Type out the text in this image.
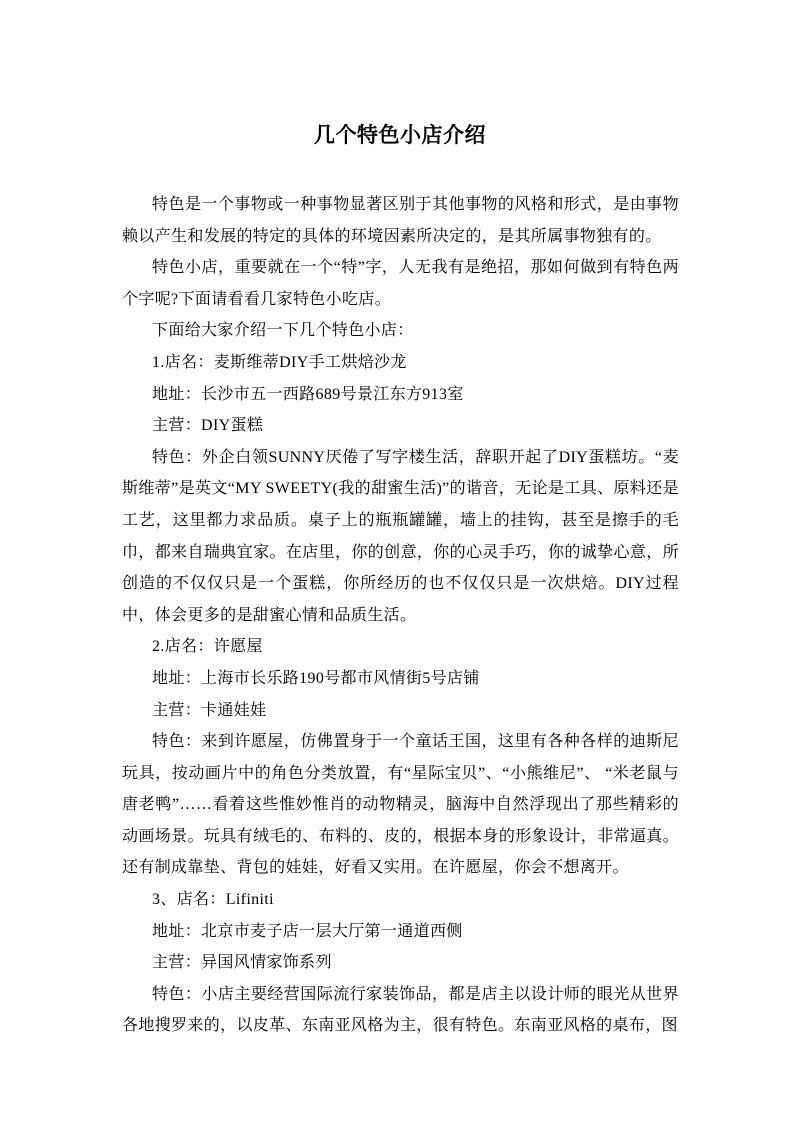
几个特色小店介绍

特色是一个事物或一种事物显著区别于其他事物的风格和形式，是由事物赖以产生和发展的特定的具体的环境因素所决定的，是其所属事物独有的。

特色小店，重要就在一个“特”字，人无我有是绝招，那如何做到有特色两个字呢?下面请看看几家特色小吃店。

下面给大家介绍一下几个特色小店：

1.店名：麦斯维蒂DIY手工烘焙沙龙

地址：长沙市五一西路689号景江东方913室

主营：DIY蛋糕

特色：外企白领SUNNY厌倦了写字楼生活，辞职开起了DIY蛋糕坊。“麦斯维蒂”是英文“MY SWEETY(我的甜蜜生活)”的谐音，无论是工具、原料还是工艺，这里都力求品质。桌子上的瓶瓶罐罐，墙上的挂钩，甚至是擦手的毛巾，都来自瑞典宜家。在店里，你的创意，你的心灵手巧，你的诚挚心意，所创造的不仅仅只是一个蛋糕，你所经历的也不仅仅只是一次烘焙。DIY过程中，体会更多的是甜蜜心情和品质生活。

2.店名：许愿屋

地址：上海市长乐路190号都市风情街5号店铺

主营：卡通娃娃

特色：来到许愿屋，仿佛置身于一个童话王国，这里有各种各样的迪斯尼玩具，按动画片中的角色分类放置，有“星际宝贝”、“小熊维尼”、 “米老鼠与唐老鸭”……看着这些惟妙惟肖的动物精灵，脑海中自然浮现出了那些精彩的动画场景。玩具有绒毛的、布料的、皮的，根据本身的形象设计，非常逼真。还有制成靠垫、背包的娃娃，好看又实用。在许愿屋，你会不想离开。

3、店名：Lifiniti

地址：北京市麦子店一层大厅第一通道西侧

主营：异国风情家饰系列

特色：小店主要经营国际流行家装饰品，都是店主以设计师的眼光从世界各地搜罗来的，以皮革、东南亚风格为主，很有特色。东南亚风格的桌布，图
